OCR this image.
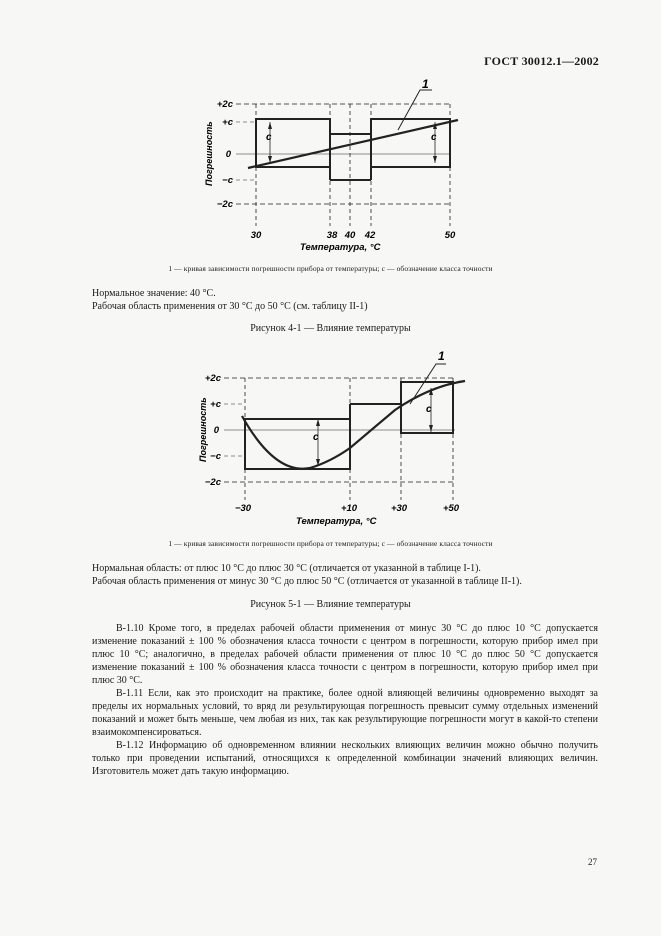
ГОСТ 30012.1—2002
1
c	c
+2c
+c
0
−c
−2c
30	38 40 42	50
Температура, °С
Погрешность
1 — кривая зависимости погрешности прибора от температуры; c — обозначение класса точности
Нормальное значение: 40 °С.
Рабочая область применения от 30 °С до 50 °С (см. таблицу II-1)
Рисунок 4-1 — Влияние температуры
1
c
c
+2c
+c
0
−c
−2c
−30	+10	+30	+50
Температура, °С
Погрешность
1 — кривая зависимости погрешности прибора от температуры; c — обозначение класса точности
Нормальная область: от плюс 10 °С до плюс 30 °С (отличается от указанной в таблице I-1).
Рабочая область применения от минус 30 °С до плюс 50 °С (отличается от указанной в таблице II-1).
Рисунок 5-1 — Влияние температуры

В-1.10 Кроме того, в пределах рабочей области применения от минус 30 °С до плюс 10 °С допускается изменение показаний ± 100 % обозначения класса точности с центром в погрешности, которую прибор имел при плюс 10 °С; аналогично, в пределах рабочей области применения от плюс 10 °С до плюс 50 °С допускается изменение показаний ± 100 % обозначения класса точности с центром в погрешности, которую прибор имел при плюс 30 °С.

В-1.11 Если, как это происходит на практике, более одной влияющей величины одновременно выходят за пределы их нормальных условий, то вряд ли результирующая погрешность превысит сумму отдельных изменений показаний и может быть меньше, чем любая из них, так как результирующие погрешности могут в какой-то степени взаимокомпенсироваться.

В-1.12 Информацию об одновременном влиянии нескольких влияющих величин можно обычно получить только при проведении испытаний, относящихся к определенной комбинации значений влияющих величин. Изготовитель может дать такую информацию.

27
